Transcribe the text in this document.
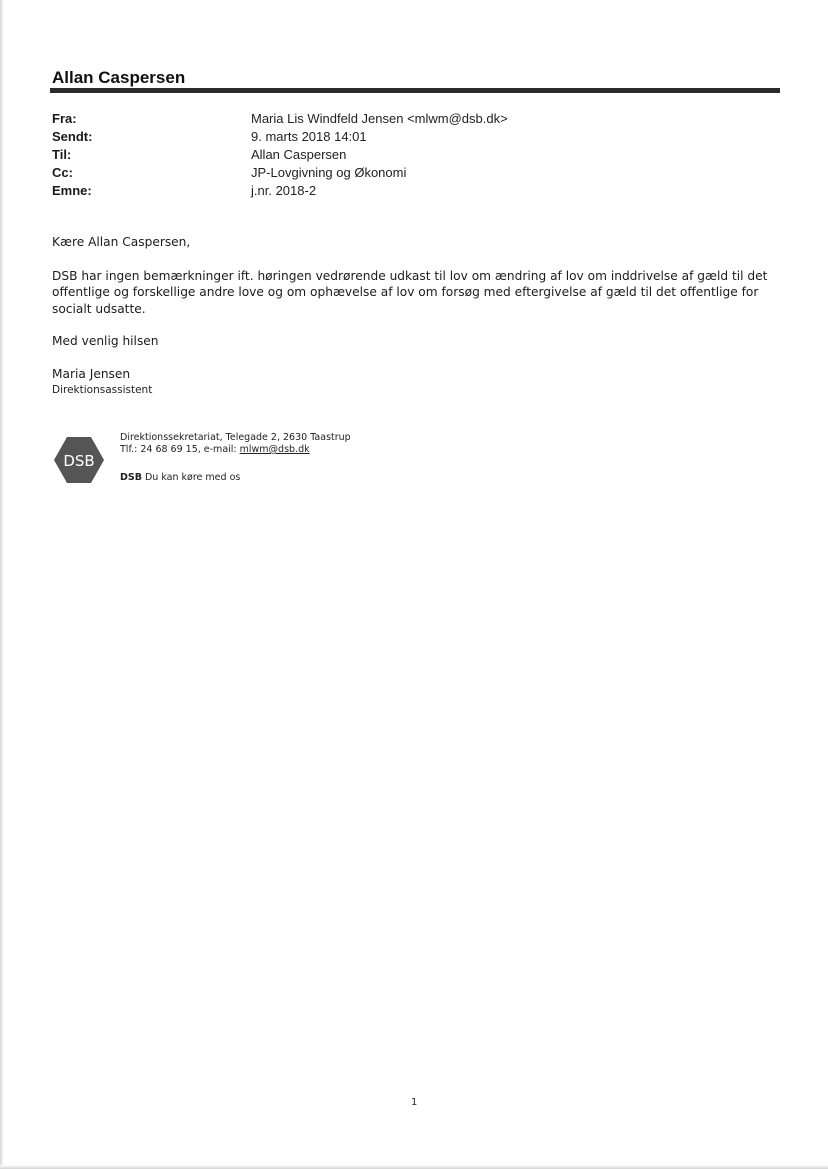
Allan Caspersen
Fra:	Maria Lis Windfeld Jensen <mlwm@dsb.dk>
Sendt:	9. marts 2018 14:01
Til:	Allan Caspersen
Cc:	JP-Lovgivning og Økonomi
Emne:	j.nr. 2018-2

Kære Allan Caspersen,

DSB har ingen bemærkninger ift. høringen vedrørende udkast til lov om ændring af lov om inddrivelse af gæld til det offentlige og forskellige andre love og om ophævelse af lov om forsøg med eftergivelse af gæld til det offentlige for socialt udsatte.

Med venlig hilsen

Maria Jensen

Direktionsassistent

DSB
Direktionssekretariat, Telegade 2, 2630 Taastrup
Tlf.: 24 68 69 15, e-mail: mlwm@dsb.dk
DSB Du kan køre med os
1
